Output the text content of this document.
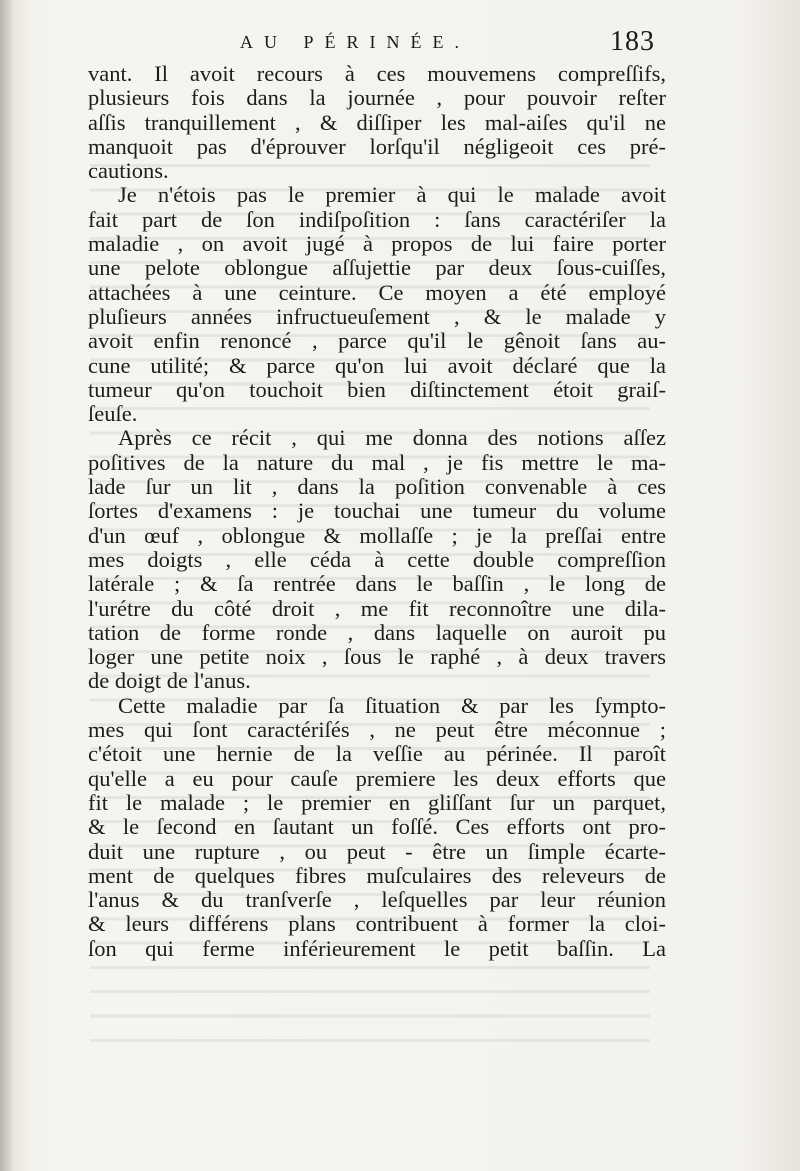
AU PÉRINÉE.	183
vant. Il avoit recours à ces mouvemens compreſſifs,
plusieurs fois dans la journée , pour pouvoir reſter
aſſis tranquillement , & diſſiper les mal-aiſes qu'il ne
manquoit pas d'éprouver lorſqu'il négligeoit ces pré-
cautions.
Je n'étois pas le premier à qui le malade avoit
fait part de ſon indiſpoſition : ſans caractériſer la
maladie , on avoit jugé à propos de lui faire porter
une pelote oblongue aſſujettie par deux ſous-cuiſſes,
attachées à une ceinture. Ce moyen a été employé
pluſieurs années infructueuſement , & le malade y
avoit enfin renoncé , parce qu'il le gênoit ſans au-
cune utilité; & parce qu'on lui avoit déclaré que la
tumeur qu'on touchoit bien diſtinctement étoit graiſ-
ſeuſe.
Après ce récit , qui me donna des notions aſſez
poſitives de la nature du mal , je fis mettre le ma-
lade ſur un lit , dans la poſition convenable à ces
ſortes d'examens : je touchai une tumeur du volume
d'un œuf , oblongue & mollaſſe ; je la preſſai entre
mes doigts , elle céda à cette double compreſſion
latérale ; & ſa rentrée dans le baſſin , le long de
l'urétre du côté droit , me fit reconnoître une dila-
tation de forme ronde , dans laquelle on auroit pu
loger une petite noix , ſous le raphé , à deux travers
de doigt de l'anus.
Cette maladie par ſa ſituation & par les ſympto-
mes qui ſont caractériſés , ne peut être méconnue ;
c'étoit une hernie de la veſſie au périnée. Il paroît
qu'elle a eu pour cauſe premiere les deux efforts que
fit le malade ; le premier en gliſſant ſur un parquet,
& le ſecond en ſautant un foſſé. Ces efforts ont pro-
duit une rupture , ou peut - être un ſimple écarte-
ment de quelques fibres muſculaires des releveurs de
l'anus & du tranſverſe , leſquelles par leur réunion
& leurs différens plans contribuent à former la cloi-
ſon qui ferme inférieurement le petit baſſin. La
